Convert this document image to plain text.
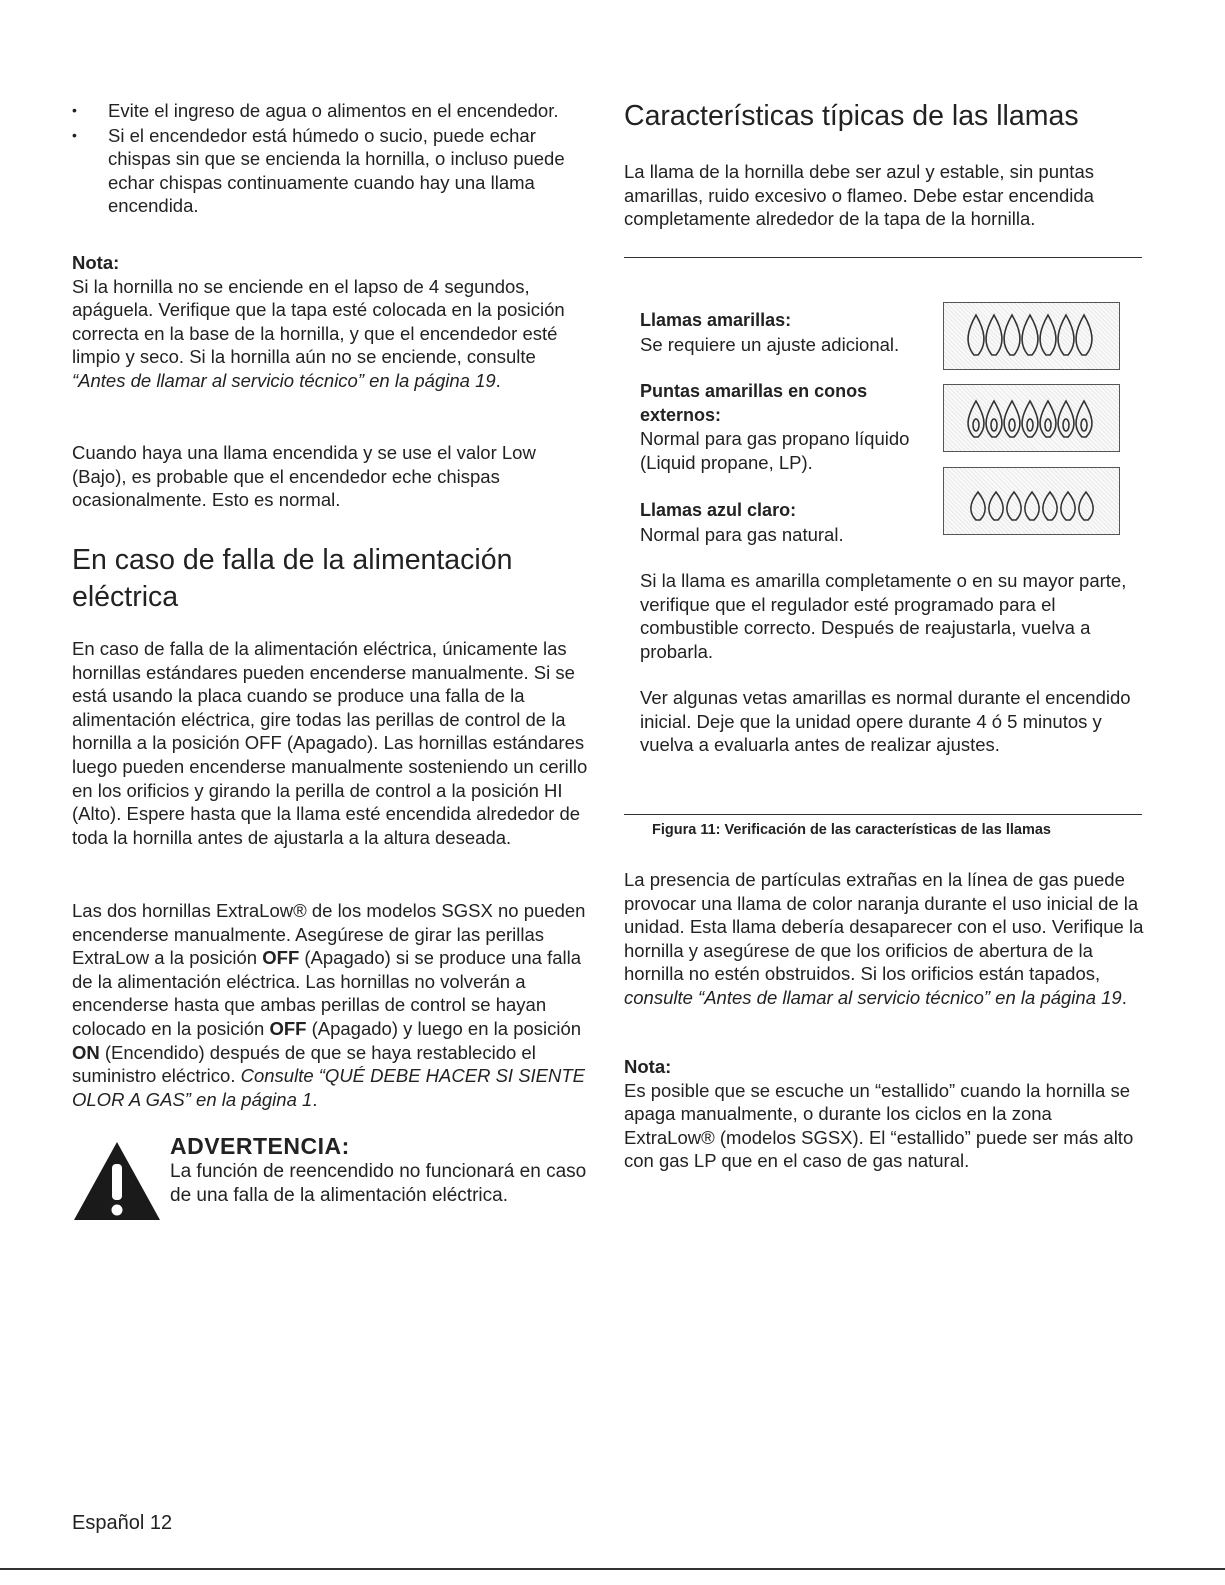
• Evite el ingreso de agua o alimentos en el encendedor.
• Si el encendedor está húmedo o sucio, puede echar chispas sin que se encienda la hornilla, o incluso puede echar chispas continuamente cuando hay una llama encendida.
Nota:

Si la hornilla no se enciende en el lapso de 4 segundos, apáguela. Verifique que la tapa esté colocada en la posición correcta en la base de la hornilla, y que el encendedor esté limpio y seco. Si la hornilla aún no se enciende, consulte “Antes de llamar al servicio técnico” en la página 19.

Cuando haya una llama encendida y se use el valor Low (Bajo), es probable que el encendedor eche chispas ocasionalmente. Esto es normal.

En caso de falla de la alimentación eléctrica

En caso de falla de la alimentación eléctrica, únicamente las hornillas estándares pueden encenderse manualmente. Si se está usando la placa cuando se produce una falla de la alimentación eléctrica, gire todas las perillas de control de la hornilla a la posición OFF (Apagado). Las hornillas estándares luego pueden encenderse manualmente sosteniendo un cerillo en los orificios y girando la perilla de control a la posición HI (Alto). Espere hasta que la llama esté encendida alrededor de toda la hornilla antes de ajustarla a la altura deseada.

Las dos hornillas ExtraLow® de los modelos SGSX no pueden encenderse manualmente. Asegúrese de girar las perillas ExtraLow a la posición OFF (Apagado) si se produce una falla de la alimentación eléctrica. Las hornillas no volverán a encenderse hasta que ambas perillas de control se hayan colocado en la posición OFF (Apagado) y luego en la posición ON (Encendido) después de que se haya restablecido el suministro eléctrico. Consulte “QUÉ DEBE HACER SI SIENTE OLOR A GAS” en la página 1.

ADVERTENCIA:

La función de reencendido no funcionará en caso de una falla de la alimentación eléctrica.

Características típicas de las llamas

La llama de la hornilla debe ser azul y estable, sin puntas amarillas, ruido excesivo o flameo. Debe estar encendida completamente alrededor de la tapa de la hornilla.

Llamas amarillas:
Se requiere un ajuste adicional.
Puntas amarillas en conos externos:
Normal para gas propano líquido (Liquid propane, LP).
Llamas azul claro:
Normal para gas natural.

Si la llama es amarilla completamente o en su mayor parte, verifique que el regulador esté programado para el combustible correcto. Después de reajustarla, vuelva a probarla.

Ver algunas vetas amarillas es normal durante el encendido inicial. Deje que la unidad opere durante 4 ó 5 minutos y vuelva a evaluarla antes de realizar ajustes.

Figura 11: Verificación de las características de las llamas

La presencia de partículas extrañas en la línea de gas puede provocar una llama de color naranja durante el uso inicial de la unidad. Esta llama debería desaparecer con el uso. Verifique la hornilla y asegúrese de que los orificios de abertura de la hornilla no estén obstruidos. Si los orificios están tapados, consulte “Antes de llamar al servicio técnico” en la página 19.

Nota:

Es posible que se escuche un “estallido” cuando la hornilla se apaga manualmente, o durante los ciclos en la zona ExtraLow® (modelos SGSX). El “estallido” puede ser más alto con gas LP que en el caso de gas natural.

Español 12
